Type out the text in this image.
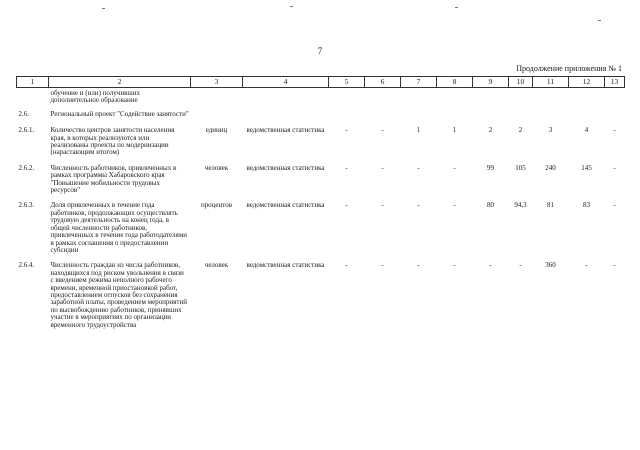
7
Продолжение приложения № 1
1	2	3	4	5	6	7	8	9	10	11	12	13
	обучение и (или) получивших дополнительное образование											
2.6.	Региональный проект "Содействие занятости"											
2.6.1.	Количество центров занятости населения края, в которых реализуются или реализованы проекты по модернизации (нарастающим итогом)	единиц	ведомственная статистика	-	-	1	1	2	2	3	4	-
2.6.2.	Численность работников, привлеченных в рамках программы Хабаровского края "Повышение мобильности трудовых ресурсов"	человек	ведомственная статистика	-	-	-	-	99	105	240	145	-
2.6.3.	Доля привлеченных в течение года работников, продолжающих осуществлять трудовую деятельность на конец года, в общей численности работников, привлеченных в течение года работодателями в рамках соглашения о предоставлении субсидии	процентов	ведомственная статистика	-	-	-	-	80	94,3	81	83	-
2.6.4.	Численность граждан из числа работников, находящихся под риском увольнения в связи с введением режима неполного рабочего времени, временной приостановкой работ, предоставлением отпусков без сохранения заработной платы, проведением мероприятий по высвобождению работников, принявших участие в мероприятиях по организации временного трудоустройства	человек	ведомственная статистика	-	-	-	-	-	-	360	-	-
